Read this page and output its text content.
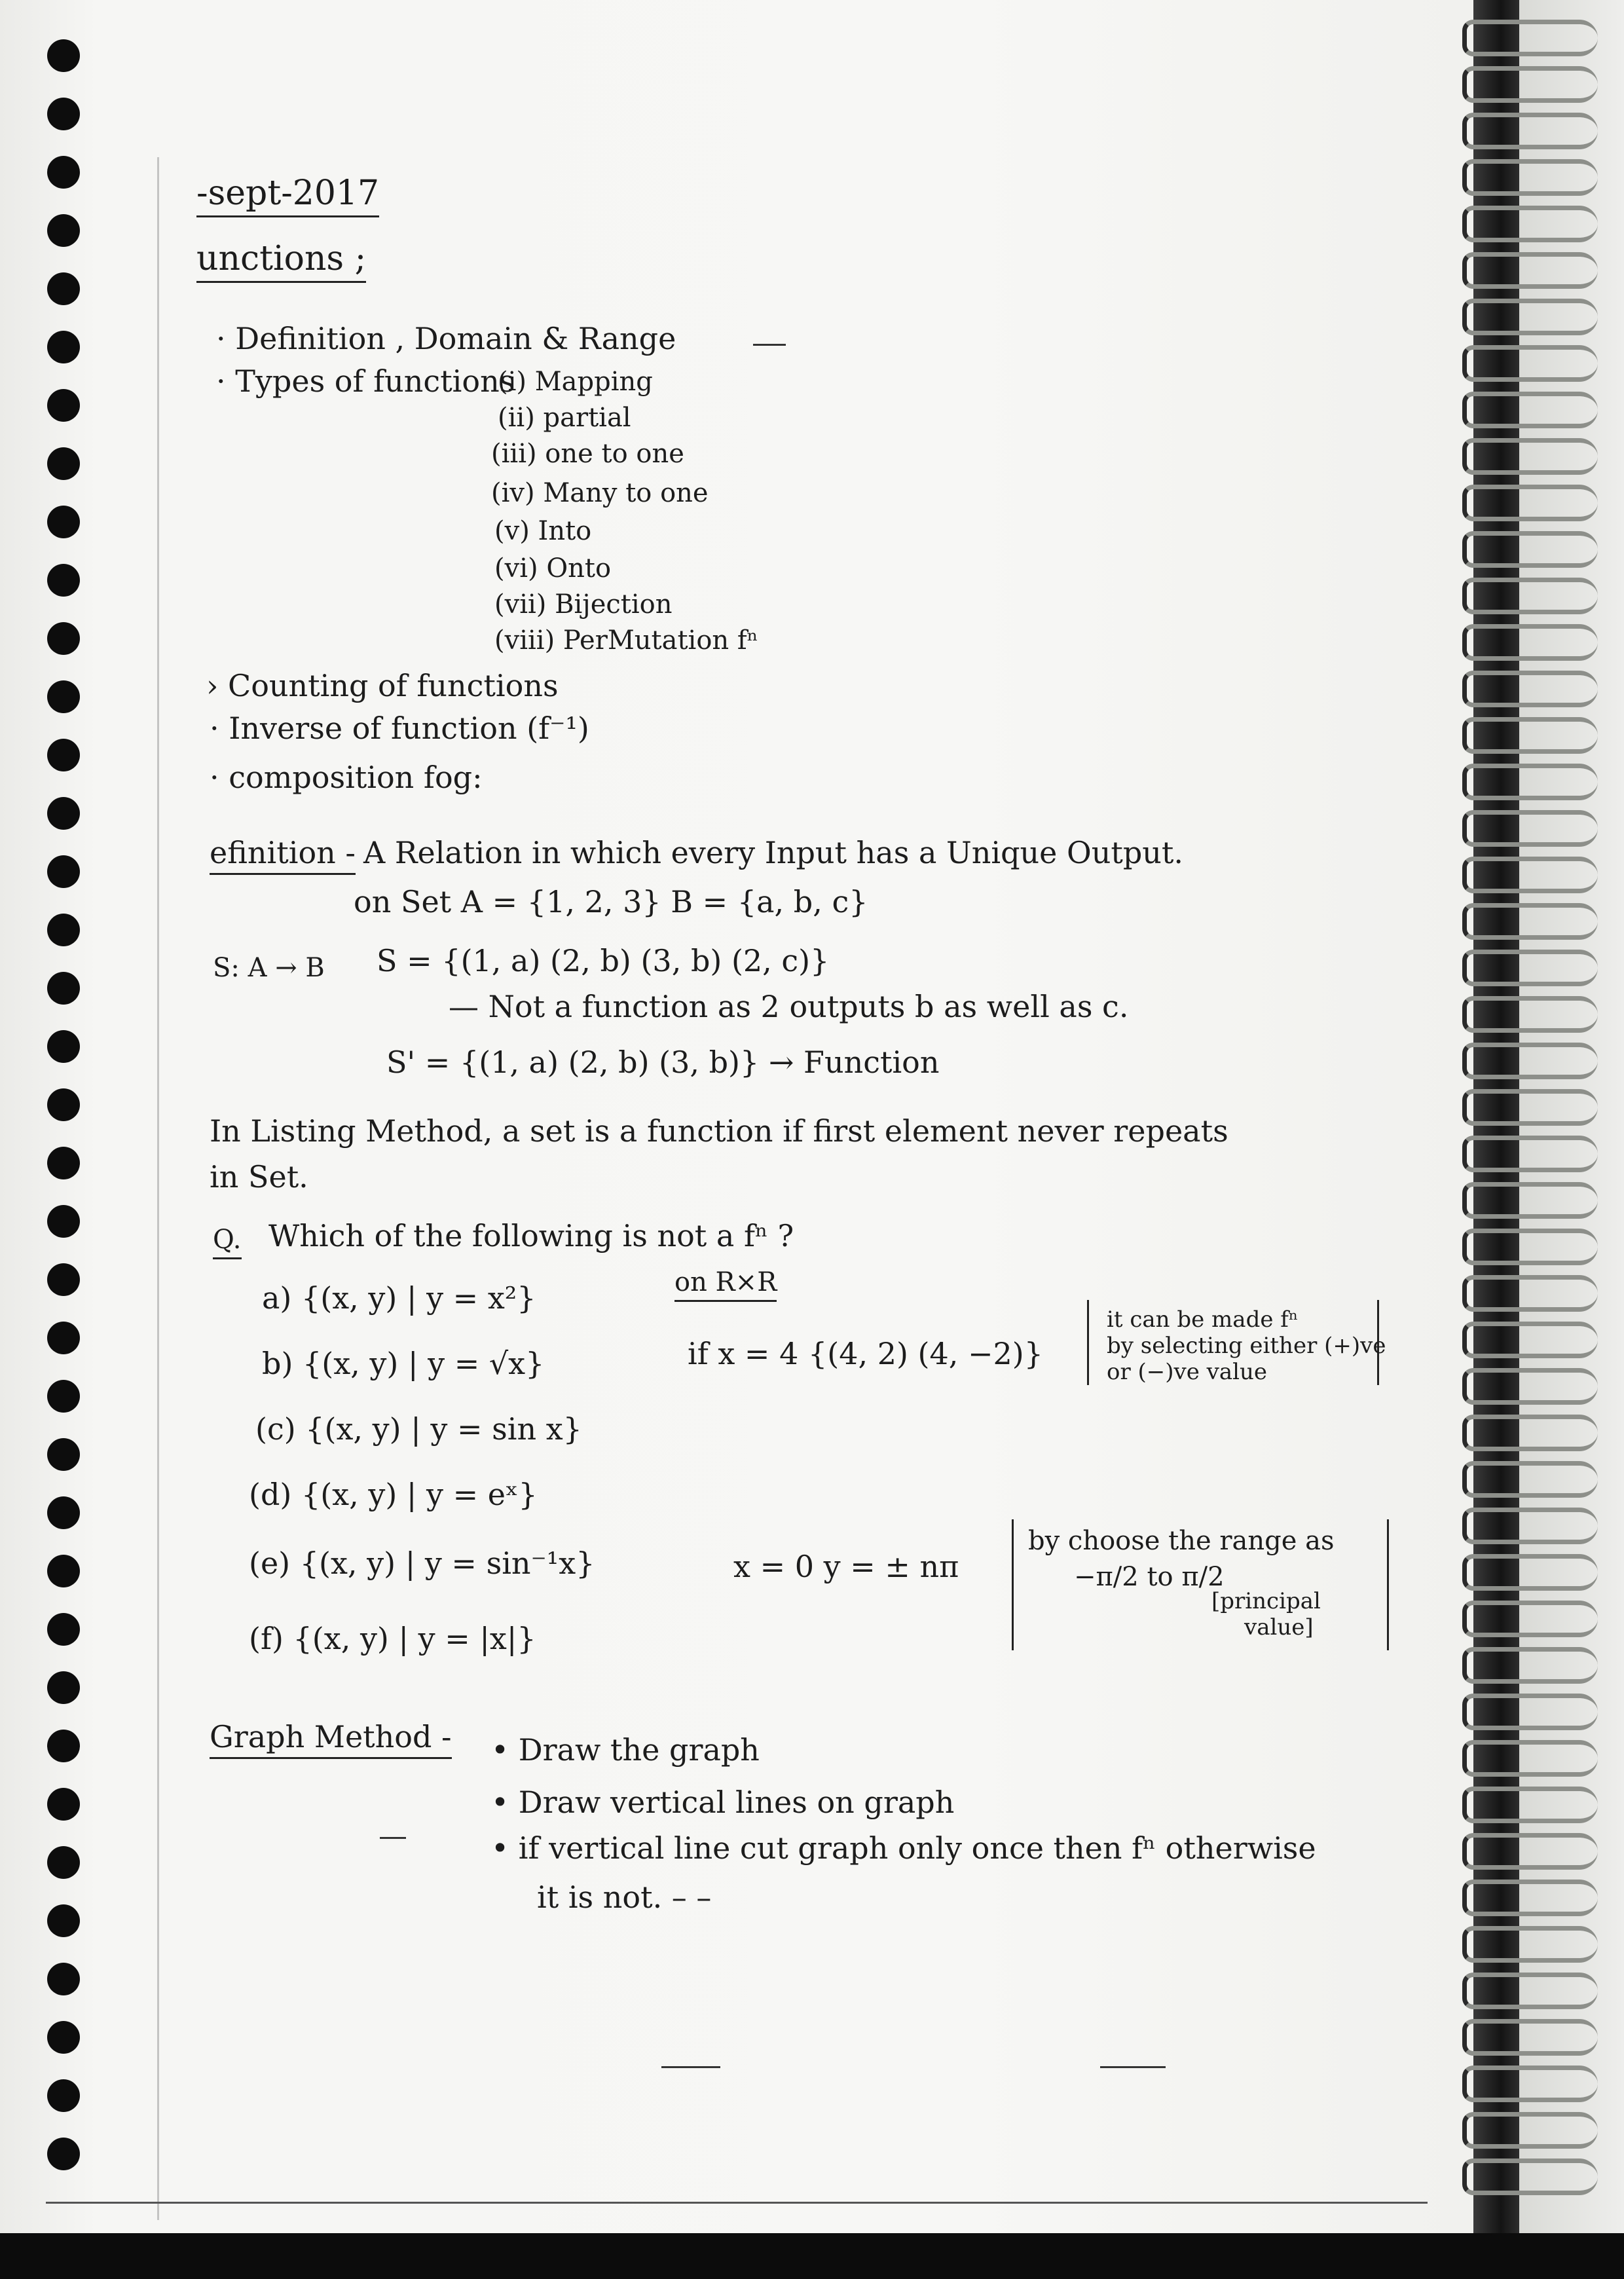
-sept-2017
unctions ;
· Definition , Domain & Range
· Types of functions
(i) Mapping
(ii) partial
(iii) one to one
(iv) Many to one
(v) Into
(vi) Onto
(vii) Bijection
(viii) PerMutation fⁿ
› Counting of functions
· Inverse of function (f⁻¹)
· composition fog:
efinition - A Relation in which every Input has a Unique Output.
on Set A = {1, 2, 3} B = {a, b, c}
S: A → B S = {(1, a) (2, b) (3, b) (2, c)}
— Not a function as 2 outputs b as well as c.
S' = {(1, a) (2, b) (3, b)} → Function
In Listing Method, a set is a function if first element never repeats
in Set.
Q. Which of the following is not a fⁿ ?
on R×R
a) {(x, y) | y = x²}
b) {(x, y) | y = √x}
(c) {(x, y) | y = sin x}
(d) {(x, y) | y = eˣ}
(e) {(x, y) | y = sin⁻¹x}
(f) {(x, y) | y = |x|}
if x = 4 {(4, 2) (4, −2)}
it can be made fⁿ
by selecting either (+)ve
or (−)ve value
x = 0 y = ± nπ
by choose the range as
−π/2 to π/2
[principal
value]
Graph Method - • Draw the graph
• Draw vertical lines on graph
• if vertical line cut graph only once then fⁿ otherwise
it is not. – –
